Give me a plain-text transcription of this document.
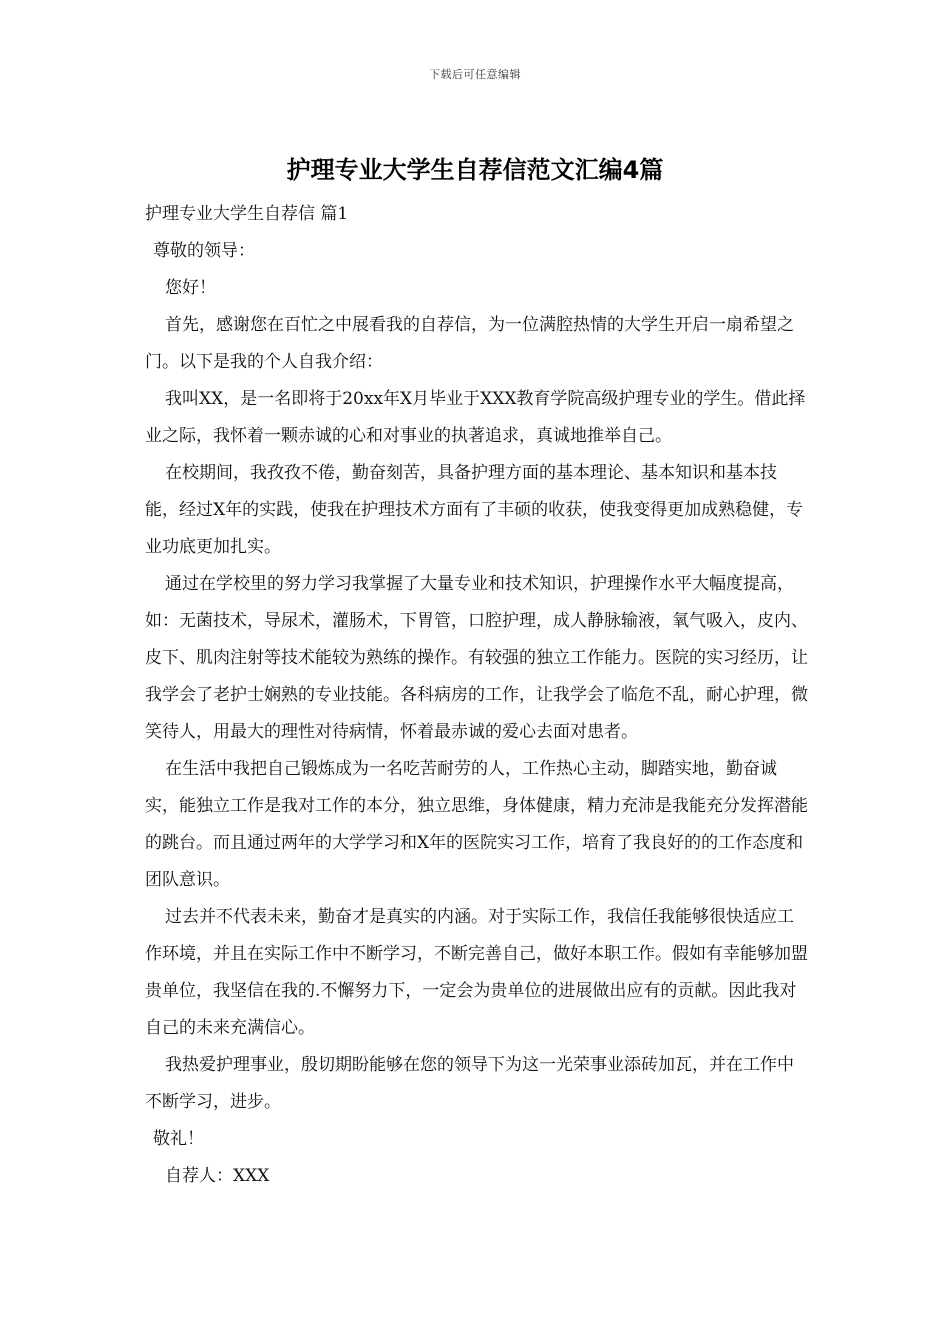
下载后可任意编辑
护理专业大学生自荐信范文汇编4篇

护理专业大学生自荐信 篇1

尊敬的领导：

您好！

首先，感谢您在百忙之中展看我的自荐信，为一位满腔热情的大学生开启一扇希望之门。以下是我的个人自我介绍：

我叫XX，是一名即将于20xx年X月毕业于XXX教育学院高级护理专业的学生。借此择业之际，我怀着一颗赤诚的心和对事业的执著追求，真诚地推举自己。

在校期间，我孜孜不倦，勤奋刻苦，具备护理方面的基本理论、基本知识和基本技能，经过X年的实践，使我在护理技术方面有了丰硕的收获，使我变得更加成熟稳健，专业功底更加扎实。

通过在学校里的努力学习我掌握了大量专业和技术知识，护理操作水平大幅度提高，如：无菌技术，导尿术，灌肠术，下胃管，口腔护理，成人静脉输液，氧气吸入，皮内、皮下、肌肉注射等技术能较为熟练的操作。有较强的独立工作能力。医院的实习经历，让我学会了老护士娴熟的专业技能。各科病房的工作，让我学会了临危不乱，耐心护理，微笑待人，用最大的理性对待病情，怀着最赤诚的爱心去面对患者。

在生活中我把自己锻炼成为一名吃苦耐劳的人，工作热心主动，脚踏实地，勤奋诚实，能独立工作是我对工作的本分，独立思维，身体健康，精力充沛是我能充分发挥潜能的跳台。而且通过两年的大学学习和X年的医院实习工作，培育了我良好的的工作态度和团队意识。

过去并不代表未来，勤奋才是真实的内涵。对于实际工作，我信任我能够很快适应工作环境，并且在实际工作中不断学习，不断完善自己，做好本职工作。假如有幸能够加盟贵单位，我坚信在我的.不懈努力下，一定会为贵单位的进展做出应有的贡献。因此我对自己的未来充满信心。

我热爱护理事业，殷切期盼能够在您的领导下为这一光荣事业添砖加瓦，并在工作中不断学习，进步。

敬礼！

自荐人：XXX
